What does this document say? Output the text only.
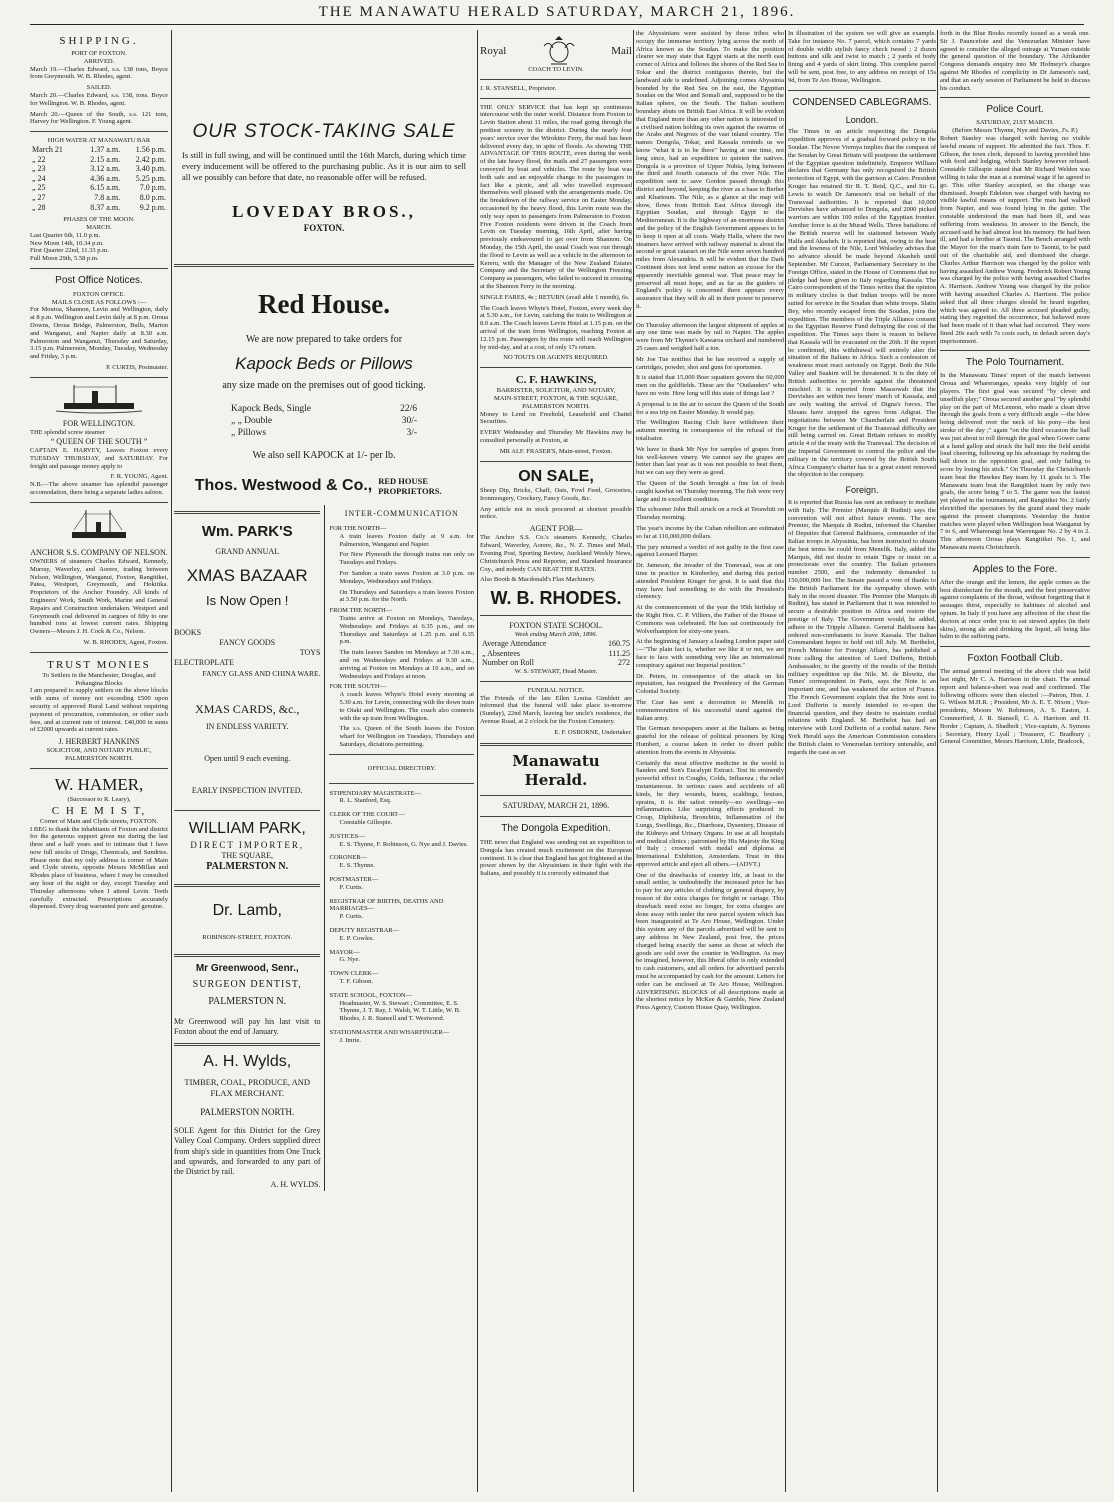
THE MANAWATU HERALD SATURDAY, MARCH 21, 1896.
SHIPPING.
PORT OF FOXTON.
ARRIVED.

March 19.—Charles Edward, s.s. 138 tons, Boyce from Greymouth. W. B. Rhodes, agent.

SAILED.

March 20.—Charles Edward, s.s. 138, tons. Boyce for Wellington. W. B. Rhodes, agent.

March 20.—Queen of the South, s.s. 121 tons, Harvey for Wellington. F. Young agent.

HIGH WATER AT MANAWATU BAR
March 21	1.37 a.m.	1.56 p.m.
„ 22	2.15 a.m.	2.42 p.m.
„ 23	3.12 a.m.	3.40 p.m.
„ 24	4.36 a.m.	5.25 p.m.
„ 25	6.15 a.m.	7.0 p.m.
„ 27	7.8 a.m.	8.0 p.m.
„ 28	8.37 a.m.	9.2 p.m.
PHASES OF THE MOON.
MARCH.
Last Quarter 6th, 11.0 p.m.
New Moon 14th, 10.34 p.m.
First Quarter 22nd, 11.33 p.m.
Full Moon 29th, 5.58 p.m.
Post Office Notices.
FOXTON OFFICE.
MAILS CLOSE AS FOLLOWS :—

For Moutoa, Shannon, Levin and Wellington, daily at 8 p.m. Wellington and Levin daily at 8 p.m. Oroua Downs, Oroua Bridge, Palmerston, Bulls, Marton and Wanganui, and Napier daily at 8.30 a.m. Palmerston and Wanganui, Thursday and Saturday, 3.15 p.m. Palmerston, Monday, Tuesday, Wednesday and Friday, 3 p.m.

P. CURTIS, Postmaster.
FOR WELLINGTON.
THE splendid screw steamer
“ QUEEN OF THE SOUTH ”

CAPTAIN E. HARVEY, Leaves Foxton every TUESDAY THURSDAY, and SATURDAY. For freight and passage money apply to

F. R. YOUNG, Agent.

N.B.—The above steamer has splendid passenger accomodation, there being a separate ladies saloon.

ANCHOR S.S. COMPANY OF NELSON.

OWNERS of steamers Charles Edward, Kennedy, Murray, Waverley, and Aorere, trading between Nelson, Wellington, Wanganui, Foxton, Rangitikei, Patea, Westport, Greymouth, and Hokitika. Proprietors of the Anchor Foundry. All kinds of Engineers' Work, Smith Work, Marine and General Repairs and Construction undertaken. Westport and Greymouth coal delivered in cargoes of fifty to one hundred tons at lowest current rates. Shipping Owners—Messrs J. H. Cock & Co., Nelson.

W. B. RHODES, Agent, Foxton.
TRUST MONIES
To Settlers in the Manchester, Douglas, and Pohangina Blocks

I am prepared to supply settlers on the above blocks with sums of money not exceeding £500 upon security of approved Rural Land without requiring payment of procuration, commission, or other such fees, and at current rate of interest. £40,000 in sums of £2000 upwards at current rates.

J. HERBERT HANKINS
SOLICITOR, AND NOTARY PUBLIC,
PALMERSTON NORTH.
W. HAMER,
(Successor to R. Leary),
C H E M I S T,
Corner of Main and Clyde streets, FOXTON.

I BEG to thank the inhabitants of Foxton and district for the generous support given me during the last three and a half years and to intimate that I have now full stocks of Drugs, Chemicals, and Sundries. Please note that my only address is corner of Main and Clyde streets, opposite Messrs McMillan and Rhodes place of business, where I may be consulted any hour of the night or day, except Tuesday and Thursday afternoons when I attend Levin. Teeth carefully extracted. Prescriptions accurately dispensed. Every drug warranted pure and genuine.

OUR STOCK-TAKING SALE

Is still in full swing, and will be continued until the 16th March, during which time every inducement will be offered to the purchasing public. As it is our aim to sell all we possibly can before that date, no reasonable offer will be refused.

LOVEDAY BROS.,
FOXTON.
Red House.
We are now prepared to take orders for
Kapock Beds or Pillows
any size made on the premises out of good ticking.
Kapock Beds, Single	22/6
„ „ Double	30/-
„ Pillows	3/-
We also sell KAPOCK at 1/- per lb.
Thos. Westwood & Co., RED HOUSE PROPRIETORS.
Wm. PARK'S
GRAND ANNUAL
XMAS BAZAAR
Is Now Open !
BOOKS
FANCY GOODS
TOYS
ELECTROPLATE
FANCY GLASS AND CHINA WARE.
XMAS CARDS, &c.,
IN ENDLESS VARIETY.
Open until 9 each evening.
EARLY INSPECTION INVITED.
WILLIAM PARK,
DIRECT IMPORTER,
THE SQUARE,
PALMERSTON N.
Dr. Lamb,
ROBINSON-STREET, FOXTON.
Mr Greenwood, Senr.,
SURGEON DENTIST,
PALMERSTON N.

Mr Greenwood will pay his last visit to Foxton about the end of January.

A. H. Wylds,
TIMBER, COAL, PRODUCE, AND FLAX MERCHANT.
PALMERSTON NORTH.

SOLE Agent for this District for the Grey Valley Coal Company. Orders supplied direct from ship's side in quantities from One Truck and upwards, and forwarded to any part of the District by rail.

A. H. WYLDS.
INTER-COMMUNICATION
FOR THE NORTH—

A train leaves Foxton daily at 9 a.m. for Palmerston, Wanganui and Napier.

For New Plymouth the through trains run only on Tuesdays and Fridays.

For Sandon a train eaves Foxton at 3.0 p.m. on Mondays, Wednesdays and Fridays.

On Thursdays and Saturdays a train leaves Foxton at 3.50 p.m. for the North.

FROM THE NORTH—

Trains arrive at Foxton on Mondays, Tuesdays, Wednesdays and Fridays at 6.35 p.m., and on Thursdays and Saturdays at 1.25 p.m. and 6.35 p.m.

The train leaves Sandon on Mondays at 7.30 a.m., and on Wednesdays and Fridays at 9.30 a.m., arriving at Foxton on Mondays at 10 a.m., and on Wednesdays and Fridays at noon.

FOR THE SOUTH—

A coach leaves Whyte's Hotel every morning at 5.30 a.m. for Levin, connecting with the down train to Otaki and Wellington. The coach also connects with the up train from Wellington.

The s.s. Queen of the South leaves the Foxton wharf for Wellington on Tuesdays, Thursdays and Saturdays, dictations permitting.

OFFICIAL DIRECTORY.
STIPENDIARY MAGISTRATE—
R. L. Stanford, Esq.
CLERK OF THE COURT—
Constable Gillespie.
JUSTICES—
E. S. Thynne, F. Robinson, G. Nye and J. Davies.
CORONER—
E. S. Thynne.
POSTMASTER—
P. Curtis.
REGISTRAR OF BIRTHS, DEATHS AND MARRIAGES—
P. Curtis.
DEPUTY REGISTRAR—
E. P. Cowles.
MAYOR—
G. Nye.
TOWN CLERK—
T. F. Gibson.
STATE SCHOOL, FOXTON—
Headmaster, W. S. Stewart ; Committee, E. S. Thynne, J. T. Ray, J. Walsh, W. T. Little, W. B. Rhodes, J. R. Stansell and T. Westwood.
STATIONMASTER AND WHARFINGER—
J. Imrie.
Royal	Mail
COACH TO LEVIN.
J. R. STANSELL, Proprietor.

THE ONLY SERVICE that has kept up continuous intercourse with the outer world. Distance from Foxton to Levin Station about 11 miles, the road going through the prettiest scenery in the district. During the nearly four years' service over the Wirokino Ferry, the mail has been delivered every day, in spite of floods. As showing THE ADVANTAGE OF THIS ROUTE, even during the week of the late heavy flood, the mails and 27 passengers were conveyed by boat and vehicles. The route by boat was both safe and an enjoyable change to the passengers in fact like a picnic, and all who travelled expressed themselves well pleased with the arrangements made. On the breakdown of the railway service on Easter Monday, occasioned by the heavy flood, this Levin route was the only way open to passengers from Palmerston to Foxton. Five Foxton residents were driven in the Coach from Levin on Tuesday morning, 16th April, after having previously endeavoured to get over from Shannon. On Monday, the 15th April, the usual Coach was run through the flood to Levin as well as a vehicle in the afternoon to Kereru, with the Manager of the New Zealand Estates Company and the Secretary of the Wellington Freezing Company as passengers, who failed to succeed in crossing at the Shannon Ferry in the morning.

SINGLE FARES, 4s ; RETURN (avail able 1 month), 6s.

The Coach leaves Whyte's Hotel, Foxton, every week day at 5.30 a.m., for Levin, catching the train to Wellington at 8.0 a.m. The Coach leaves Levin Hotel at 1.15 p.m. on the arrival of the train from Wellington, reaching Foxton at 12.15 p.m. Passengers by this route will reach Wellington by mid-day, and at a cost, of only 17s return.

NO TOUTS OR AGENTS REQUIRED.
C. F. HAWKINS,
BARRISTER, SOLICITOR, AND NOTARY,
MAIN-STREET, FOXTON, & THE SQUARE, PALMERSTON NORTH.

Money to Lend on Freehold, Leasehold and Chattel Securities.

EVERY Wednesday and Thursday Mr Hawkins may be consulted personally at Foxton, at

MR ALF. FRASER'S, Main-street, Foxton.
ON SALE,

Sheep Dip, Bricks, Chaff, Oats, Fowl Feed, Groceries, Ironmongery, Crockery, Fancy Goods, &c.

Any article not in stock procured at shortest possible notice.

AGENT FOR—

The Anchor S.S. Co.'s steamers Kennedy, Charles Edward, Waverley, Aorere, &c., N. Z. Times and Mail, Evening Post, Sporting Review, Auckland Weekly News, Christchurch Press and Reporter, and Standard Insurance Coy., and nobody CAN BEAT THE RATES.

Also Booth & Macdonald's Flax Machinery.

W. B. RHODES.
FOXTON STATE SCHOOL.
Week ending March 20th, 1896.
Average Attendance	160.75
„ Absentees	111.25
Number on Roll	272
W. S. STEWART, Head Master.
FUNERAL NOTICE.

The Friends of the late Ellen Louisa Gimblett are informed that the funeral will take place to-morrow (Sunday), 22nd March, leaving her uncle's residence, the Avenue Road, at 2 o'clock for the Foxton Cemetery.

E. F. OSBORNE, Undertaker.
Manawatu Herald.
SATURDAY, MARCH 21, 1896.
The Dongola Expedition.

THE news that England was sending out an expedition to Dongola has created much excitement on the European continent. It is clear that England has got frightened at the power shown by the Abyssinians in their fight with the Italians, and possibly it is correctly estimated that

the Abyssinians were assisted by those tribes who occupy the immense territory lying across the north of Africa known as the Soudan. To make the position clearer we may state that Egypt starts at the north east corner of Africa and follows the shores of the Red Sea to Tokar and the district contiguous thereto, but the landward side is undefined. Adjoining comes Abyssinia bounded by the Red Sea on the east, the Egyptian Soudan on the West and Somali and, supposed to be the Italian sphere, on the South. The Italian southern boundary abuts on British East Africa. It will be evident that England more than any other nation is interested in a civilised nation holding its own against the swarms of the Arabs and Negroes of the vast inland country. The names Dongola, Tokar, and Kassala reminds us we know "what it is to be there" having at one time, not long since, had an expedition to quieten the natives. Dongola is a province of Upper Nubia, lying between the third and fourth cataracts of the river Nile. The expedition sent to save Gordon passed through this district and beyond, keeping the river as a base to Berber and Khartoum. The Nile, as a glance at the map will show, flows from British East Africa through the Egyptian Soudan, and through Egypt to the Mediterranean. It is the highway of an enormous district and the policy of the English Government appears to be to keep it open at all costs. Wady Halfa, where the two steamers have arrived with railway material is about the second or great cataract on the Nile some seven hundred miles from Alexandria. It will be evident that the Dark Continent does not lend some nation an excuse for the apparently inevitable general war. That peace may be preserved all must hope, and as far as the guiders of England's policy is concerned there appears every assurance that they will do all in their power to preserve it.

On Thursday afternoon the largest shipment of apples at any one time was made by rail to Napier. The apples were from Mr Thynne's Kawaroa orchard and numbered 25 cases and weighed half a ton.

Mr Joe Tue notifies that he has received a supply of cartridges, powder, shot and guns for sportsmen.

It is stated that 15,000 Boer squatters govern the 60,000 men on the goldfields. These are the "Outlanders" who have no vote. How long will this state of things last ?

A proposal is in the air to secure the Queen of the South for a sea trip on Easter Monday. It would pay.

The Wellington Racing Club have withdrawn their autumn meeting in consequence of the refusal of the totalisator.

We have to thank Mr Nye for samples of grapes from his well-known vinery. We cannot say the grapes are better than last year as it was not possible to beat them, but we can say they were as good.

The Queen of the South brought a fine lot of fresh caught kawhai on Thursday morning. The fish were very large and in excellent condition.

The schooner John Bull struck on a rock at Terawhiti on Thursday morning.

The year's income by the Cuban rebellion are estimated so far at 110,000,000 dollars.

The jury returned a verdict of not guilty in the first case against Leonard Harper.

Dr. Jameson, the invader of the Transvaal, was at one time in practice in Kimberley, and during this period attended President Kruger for gout. It is said that this may have had something to do with the President's clemency.

At the commencement of the year the 95th birthday of the Right Hon. C. P. Villiers, the Father of the House of Commons was celebrated. He has sat continuously for Wolverhampton for sixty-one years.

At the beginning of January a leading London paper said :—"The plain fact is, whether we like it or not, we are face to face with something very like an international conspiracy against our Imperial position."

Dr. Peters, in consequence of the attack on his reputation, has resigned the Presidency of the German Colonial Society.

The Czar has sent a decoration to Menelik in commemoration of his successful stand against the Italian army.

The German newspapers sneer at the Italians as being grateful for the release of political prisoners by King Humbert, a course taken in order to divert public attention from the events in Abyssinia.

Certainly the most effective medicine in the world is Sanders and Son's Eucalypti Extract. Test its eminently powerful effect in Coughs, Colds, Influenza ; the relief instantaneous. In serious cases and accidents of all kinds, be they wounds, burns, scaldings, bruises, sprains, it is the safest remedy—no swellings—no inflammation. Like surprising effects produced in Croup, Diphtheria, Bronchitis, Inflammation of the Lungs, Swellings, &c., Diarrhoea, Dysentery, Disease of the Kidneys and Urinary Organs. In use at all hospitals and medical clinics ; patronised by His Majesty the King of Italy ; crowned with medal and diploma at International Exhibition, Amsterdam. Trust in this approved article and eject all others.—(ADVT.)

One of the drawbacks of country life, at least to the small settler, is undoubtedly the increased price he has to pay for any articles of clothing or general drapery, by reason of the extra charges for freight or cartage. This drawback need exist no longer, for extra charges are done away with under the new parcel system which has been inaugurated at Te Aro House, Wellington. Under this system any of the parcels advertised will be sent to any address in New Zealand, post free, the prices charged being exactly the same as those at which the goods are sold over the counter in Wellington. As may be imagined, however, this liberal offer is only extended to cash customers, and all orders for advertised parcels must be accompanied by cash for the amount. Letters for order can be enclosed at Te Aro House, Wellington. ADVERTISING BLOCKS of all descriptions made at the shortest notice by McKee & Gamble, New Zealand Press Agency, Custom House Quay, Wellington.

In illustration of the system we will give an example. Take for instance No. 7 parcel, which contains 7 yards of double width stylish fancy check tweed ; 2 dozen buttons and silk and twist to match ; 2 yards of body lining and 4 yards of skirt lining. This complete parcel will be sent, post free, to any address on receipt of 15s 9d, from Te Aro House, Wellington.

CONDENSED CABLEGRAMS.
London.

The Times in an article respecting the Dongola expedition approves of a gradual forward policy in the Soudan. The Novoe Vremya implies that the conquest of the Soudan by Great Britain will postpone the settlement of the Egyptian question indefinitely. Emperor William declares that Germany has only recognised the British protection of Egypt, with the garrison at Cairo. President Kruger has retained Sir R. T. Reid, Q.C., and Sir G. Lewis to watch Dr Jameson's trial on behalf of the Transvaal authorities. It is reported that 10,000 Dervishes have advanced to Dongola, and 2000 picked warriors are within 100 miles of the Egyptian frontier. Another force is at the Murad Wells. Three battalions of the British reserve will be stationed between Wady Halfa and Akasheh. It is reported that, owing to the heat and the lowness of the Nile, Lord Wolseley advises that no advance should be made beyond Akasheh until September. Mr Curzon, Parliamentary Secretary to the Foreign Office, stated in the House of Commons that no pledge had been given to Italy regarding Kassala. The Cairo correspondent of the Times writes that the opinion in military circles is that Indian troops will be more suited for service in the Soudan than white troops. Slatin Bey, who recently escaped from the Soudan, joins the expedition. The members of the Triple Alliance consent to the Egyptian Reserve Fund defraying the cost of the expedition. The Times says there is reason to believe that Kassala will be evacuated on the 20th. If the report be confirmed, this withdrawal will entirely alter the situation of the Italians in Africa. Such a confession of weakness must react seriously on Egypt. Both the Nile Valley and Suakim will be threatened. It is the duty of British authorities to provide against the threatened mischief. It is reported from Massowah that the Dervishes are within two hours' march of Kassala, and are only waiting the arrival of Digna's forces. The Shoans have stopped the egress from Adigrat. The negotiations between Mr Chamberlain and President Kruger for the settlement of the Transvaal difficulty are still being carried on. Great Britain refuses to modify article 4 of the treaty with the Transvaal. The decision of the Imperial Government to control the police and the military in the territory covered by the British South Africa Company's charter has to a great extent removed the objection to the company.

Foreign.

It is reported that Russia has sent an embassy to mediate with Italy. The Premier (Marquis di Rudini) says the convention will not affect future events. The new Premier, the Marquis di Rudini, informed the Chamber of Deputies that General Baldissera, commander of the Italian troops in Abyssinia, has been instructed to obtain the best terms he could from Menelik. Italy, added the Marquis, did not desire to retain Tigre or insist on a protectorate over the country. The Italian prisoners number 2500, and the indemnity demanded is 150,000,000 lire. The Senate passed a vote of thanks to the British Parliament for the sympathy shown with Italy in the recent disaster. The Premier (the Marquis di Rudini), has stated in Parliament that it was intended to secure a desirable position in Africa and restore the prestige of Italy. The Government would, he added, adhere to the Tripple Alliance. General Baldissera has ordered non-combatants to leave Kassala. The Italian Commandant hopes to hold out till July. M. Berthelot, French Minister for Foreign Affairs, has published a Note calling the attention of Lord Dufferin, British Ambassador, to the gravity of the results of the British military expedition up the Nile. M. de Blowitz, the Times' correspondent in Paris, says the Note is an important one, and has weakened the action of France. The French Government explain that the Note sent to Lord Dufferin is merely intended to re-open the financial question, and they desire to maintain cordial relations with England. M. Berthelot has had an interview with Lord Dufferin of a cordial nature. New York Herald says the American Commission considers the British claim to Venezuelan territory untenable, and regards the case as set

forth in the Blue Books recently issued as a weak one. Sir J. Pauncefote and the Venezuelan Minister have agreed to consider the alleged outrage at Yuruan outside the general question of the boundary. The Afrikander Congress demands enquiry into Mr Hofmeyr's charges against Mr Rhodes of complicity in Dr Jameson's raid, and that an early session of Parliament be held to discuss his conduct.

Police Court.
SATURDAY, 21ST MARCH.
(Before Messrs Thynne, Nye and Davies, J's. P.)

Robert Stanley was charged with having no visible lawful means of support. He admitted the fact. Thos. F. Gibson, the town clerk, deposed to having provided him with food and lodging, which Stanley however refused. Constable Gillespie stated that Mr Richard Welden was willing to take the man at a nominal wage if he agreed to go. This offer Stanley accepted, so the charge was dismissed. Joseph Edelsten was charged with having no visible lawful means of support. The man had walked from Napier, and was found lying in the gutter. The constable understood the man had been ill, and was suffering from weakness. In answer to the Bench, the accused said he had almost lost his memory. He had been ill, and had a brother at Taonui. The Bench arranged with the Mayor for the man's train fare to Taonui, to be paid out of the charitable aid, and dismissed the charge. Charles Arthur Harrison was charged by the police with having assaulted Andrew Young. Frederick Robert Young was charged by the police with having assaulted Charles A. Harrison. Andrew Young was charged by the police with having assaulted Charles A. Harrison. The police asked that all three charges should be heard together, which was agreed to. All three accused pleaded guilty, stating they regretted the occurrence, but believed more had been made of it than what had occurred. They were fined 20s each with 7s costs each, in default seven day's imprisonment.

The Polo Tournament.

In the Manawatu Times' report of the match between Oroua and Wharerangas, speaks very highly of our players. The first goal was secured "by clever and unselfish play;" Oroua secured another goal "by splendid play on the part of McLennon, who made a clean drive through the goals from a very difficult angle —the blow being delivered over the neck of his pony—the best stroke of the day ;" again "on the third occasion the ball was just about to roll through the goal when Gower came at a hand gallop and struck the ball into the field amidst loud cheering, following up his advantage by rushing the ball down to the opposition goal, and only failing to score by losing his stick." On Thursday the Christchurch team beat the Hawkes Bay team by 11 goals to 3. The Manawatu team beat the Rangitikei team by only two goals, the score being 7 to 5. The game was the fastest yet played in the tournament, and Rangitikei No. 2 fairly electrified the spectators by the grand stand they made against the present champions. Yesterday the Junior matches were played when Wellington beat Wanganui by 7 to 6, and Wharerangi beat Warrengate No. 2 by 4 to 2. This afternoon Oroua plays Rangitikei No. 1, and Manawatu meets Christchurch.

Apples to the Fore.

After the orange and the lemon, the apple comes as the best disinfectant for the mouth, and the best preservative against complaints of the throat, without forgetting that it assuages thirst, especially to habitues of alcohol and opium. In Italy if you have any affection of the chest the doctors at once order you to eat stewed apples (in their skins), strong ale and drinking the liquid, all being like balm to the suffering parts.

Foxton Football Club.

The annual general meeting of the above club was held last night, Mr C. A. Harrison in the chair. The annual report and balance-sheet was read and confirmed. The following officers were then elected :—Patron, Hon. J. G. Wilson M.H.R. ; President, Mr A. E. T. Nixon ; Vice-presidents, Messrs W. Robinson, A. S. Easton, J. Commerford, J. R. Stansell, C. A. Harrison and H. Border ; Captain, A. Shadbolt ; Vice-captain, A. Symons ; Secretary, Henry Lyall ; Treasurer, C. Bradbury ; General Committee, Messrs Harrison, Little, Bradcock,
